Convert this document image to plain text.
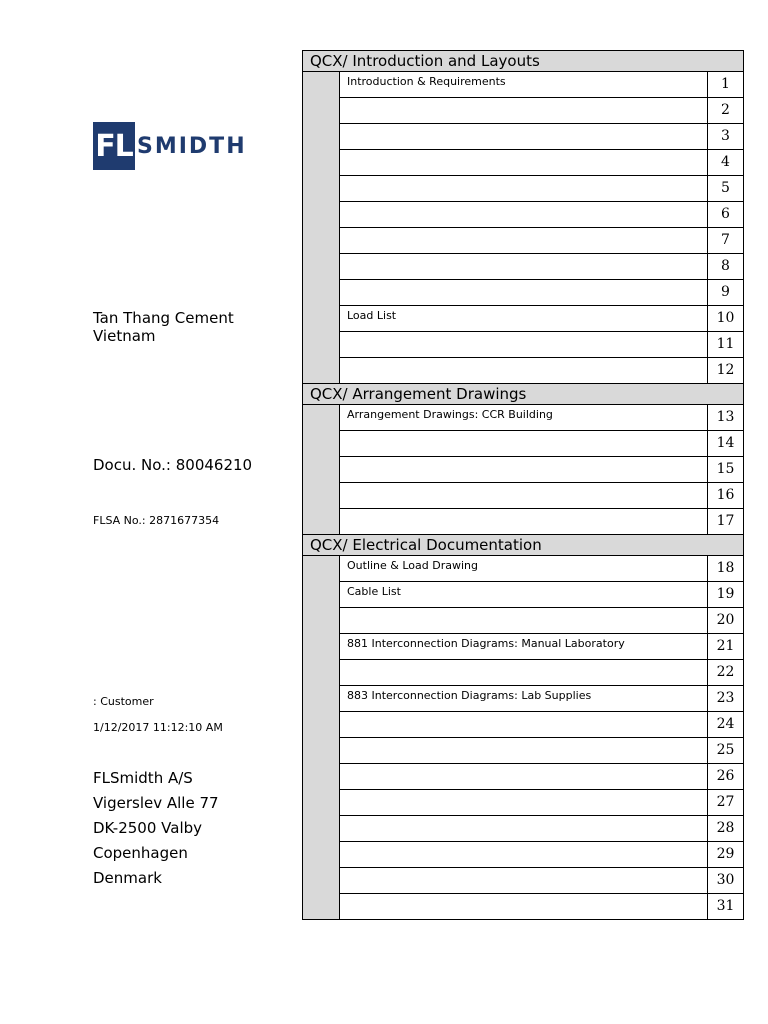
FL SMIDTH
Tan Thang Cement
Vietnam
Docu. No.: 80046210
FLSA No.: 2871677354
: Customer
1/12/2017 11:12:10 AM
FLSmidth A/S
Vigerslev Alle 77
DK-2500 Valby
Copenhagen
Denmark
QCX/ Introduction and Layouts
Introduction & Requirements	1
2
3
4
5
6
7
8
9
Load List	10
11
12
QCX/ Arrangement Drawings
Arrangement Drawings: CCR Building	13
14
15
16
17
QCX/ Electrical Documentation
Outline & Load Drawing	18
Cable List	19
20
881 Interconnection Diagrams: Manual Laboratory	21
22
883 Interconnection Diagrams: Lab Supplies	23
24
25
26
27
28
29
30
31
